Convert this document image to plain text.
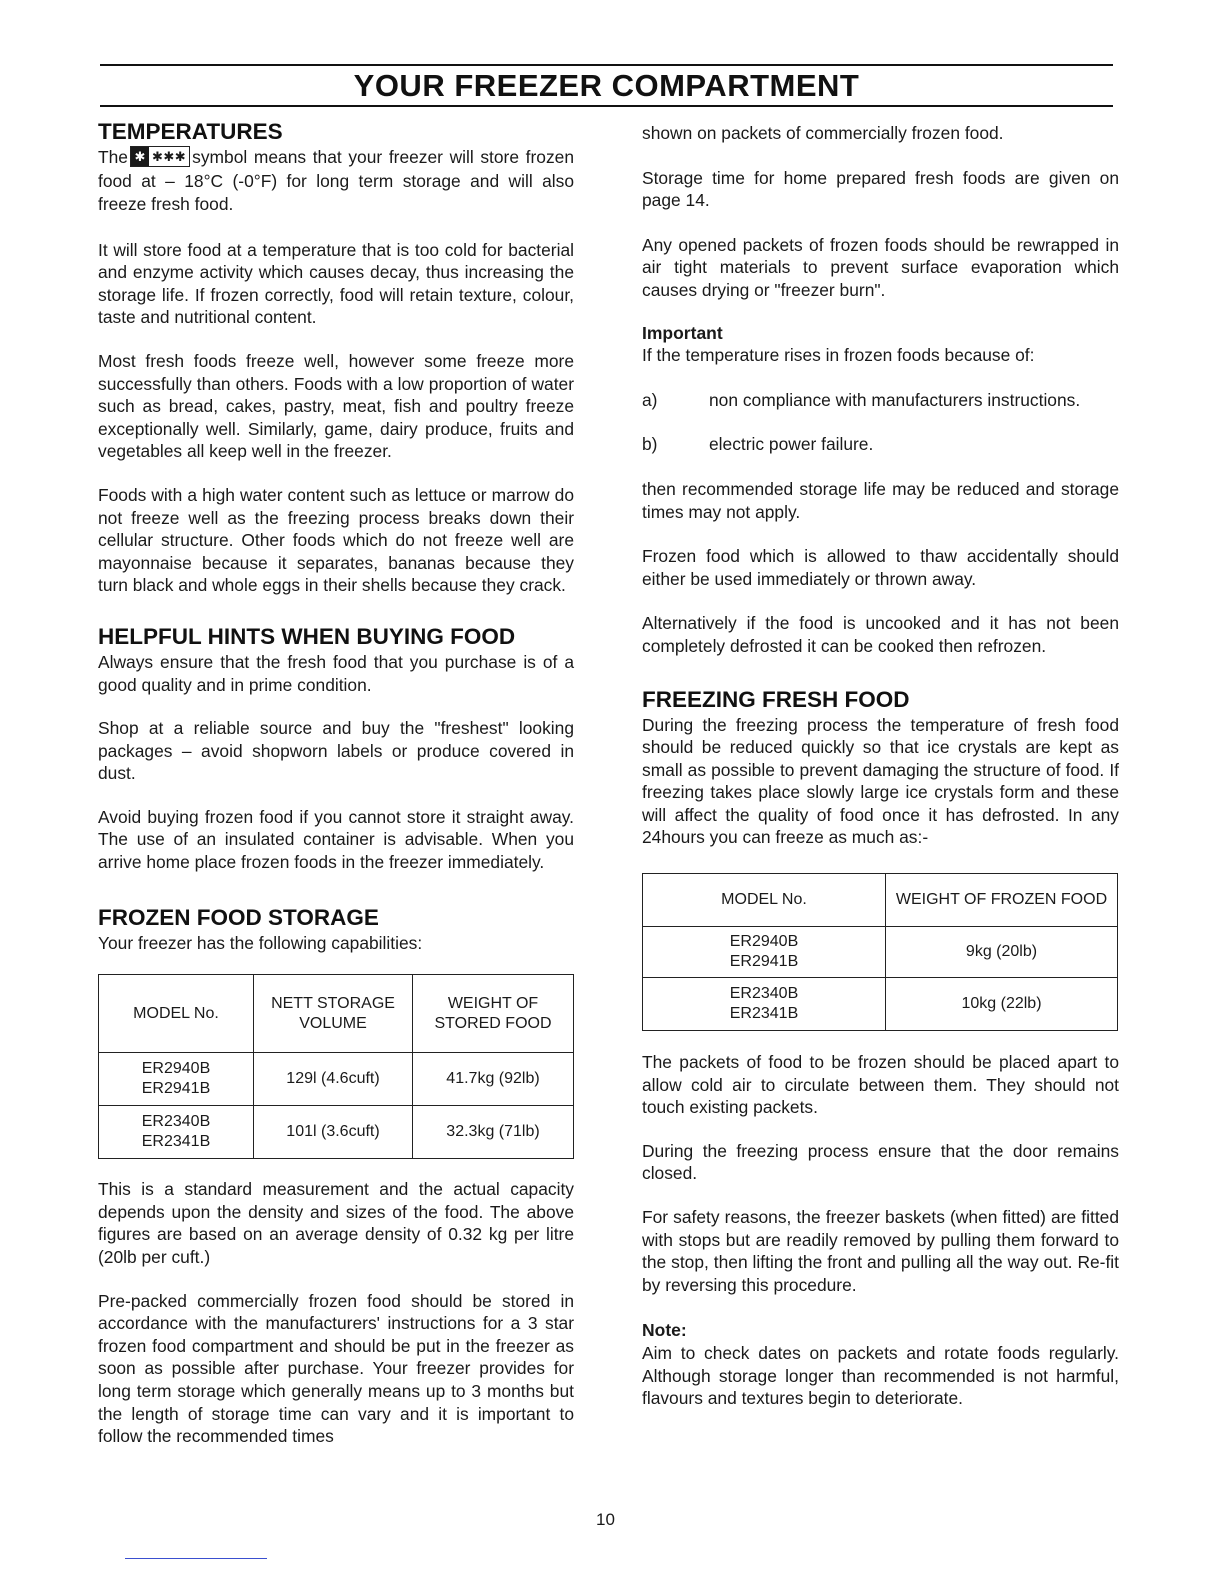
YOUR FREEZER COMPARTMENT
TEMPERATURES

The ✱ ✱✱✱ symbol means that your freezer will store frozen food at – 18°C (-0°F) for long term storage and will also freeze fresh food.

It will store food at a temperature that is too cold for bacterial and enzyme activity which causes decay, thus increasing the storage life. If frozen correctly, food will retain texture, colour, taste and nutritional content.

Most fresh foods freeze well, however some freeze more successfully than others. Foods with a low proportion of water such as bread, cakes, pastry, meat, fish and poultry freeze exceptionally well. Similarly, game, dairy produce, fruits and vegetables all keep well in the freezer.

Foods with a high water content such as lettuce or marrow do not freeze well as the freezing process breaks down their cellular structure. Other foods which do not freeze well are mayonnaise because it separates, bananas because they turn black and whole eggs in their shells because they crack.

HELPFUL HINTS WHEN BUYING FOOD

Always ensure that the fresh food that you purchase is of a good quality and in prime condition.

Shop at a reliable source and buy the "freshest" looking packages – avoid shopworn labels or produce covered in dust.

Avoid buying frozen food if you cannot store it straight away. The use of an insulated container is advisable. When you arrive home place frozen foods in the freezer immediately.

FROZEN FOOD STORAGE

Your freezer has the following capabilities:

MODEL No.	NETT STORAGE VOLUME	WEIGHT OF STORED FOOD

ER2940B
ER2941B	129l (4.6cuft)	41.7kg (92lb)

ER2340B
ER2341B	101l (3.6cuft)	32.3kg (71lb)

This is a standard measurement and the actual capacity depends upon the density and sizes of the food. The above figures are based on an average density of 0.32 kg per litre (20lb per cuft.)

Pre-packed commercially frozen food should be stored in accordance with the manufacturers' instructions for a 3 star frozen food compartment and should be put in the freezer as soon as possible after purchase. Your freezer provides for long term storage which generally means up to 3 months but the length of storage time can vary and it is important to follow the recommended times

shown on packets of commercially frozen food.

Storage time for home prepared fresh foods are given on page 14.

Any opened packets of frozen foods should be rewrapped in air tight materials to prevent surface evaporation which causes drying or "freezer burn".

Important

If the temperature rises in frozen foods because of:

a)	non compliance with manufacturers instructions.
b)	electric power failure.

then recommended storage life may be reduced and storage times may not apply.

Frozen food which is allowed to thaw accidentally should either be used immediately or thrown away.

Alternatively if the food is uncooked and it has not been completely defrosted it can be cooked then refrozen.

FREEZING FRESH FOOD

During the freezing process the temperature of fresh food should be reduced quickly so that ice crystals are kept as small as possible to prevent damaging the structure of food. If freezing takes place slowly large ice crystals form and these will affect the quality of food once it has defrosted. In any 24hours you can freeze as much as:-

MODEL No.	WEIGHT OF FROZEN FOOD

ER2940B
ER2941B	9kg (20lb)

ER2340B
ER2341B	10kg (22lb)

The packets of food to be frozen should be placed apart to allow cold air to circulate between them. They should not touch existing packets.

During the freezing process ensure that the door remains closed.

For safety reasons, the freezer baskets (when fitted) are fitted with stops but are readily removed by pulling them forward to the stop, then lifting the front and pulling all the way out. Re-fit by reversing this procedure.

Note:

Aim to check dates on packets and rotate foods regularly. Although storage longer than recommended is not harmful, flavours and textures begin to deteriorate.

10
